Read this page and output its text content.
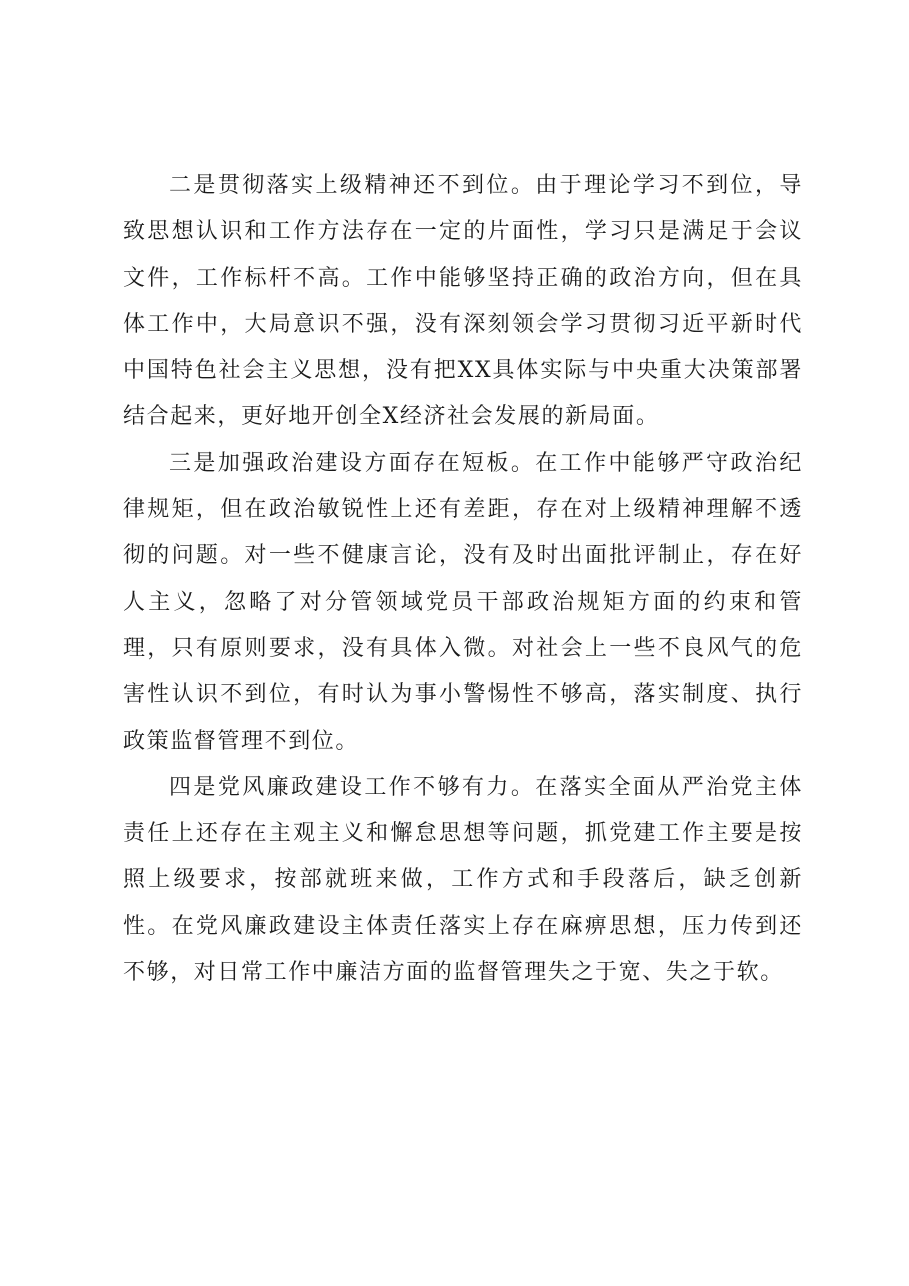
二是贯彻落实上级精神还不到位。由于理论学习不到位，导致思想认识和工作方法存在一定的片面性，学习只是满足于会议文件，工作标杆不高。工作中能够坚持正确的政治方向，但在具体工作中，大局意识不强，没有深刻领会学习贯彻习近平新时代中国特色社会主义思想，没有把XX具体实际与中央重大决策部署结合起来，更好地开创全X经济社会发展的新局面。

三是加强政治建设方面存在短板。在工作中能够严守政治纪律规矩，但在政治敏锐性上还有差距，存在对上级精神理解不透彻的问题。对一些不健康言论，没有及时出面批评制止，存在好人主义，忽略了对分管领域党员干部政治规矩方面的约束和管理，只有原则要求，没有具体入微。对社会上一些不良风气的危害性认识不到位，有时认为事小警惕性不够高，落实制度、执行政策监督管理不到位。

四是党风廉政建设工作不够有力。在落实全面从严治党主体责任上还存在主观主义和懈怠思想等问题，抓党建工作主要是按照上级要求，按部就班来做，工作方式和手段落后，缺乏创新性。在党风廉政建设主体责任落实上存在麻痹思想，压力传到还不够，对日常工作中廉洁方面的监督管理失之于宽、失之于软。
